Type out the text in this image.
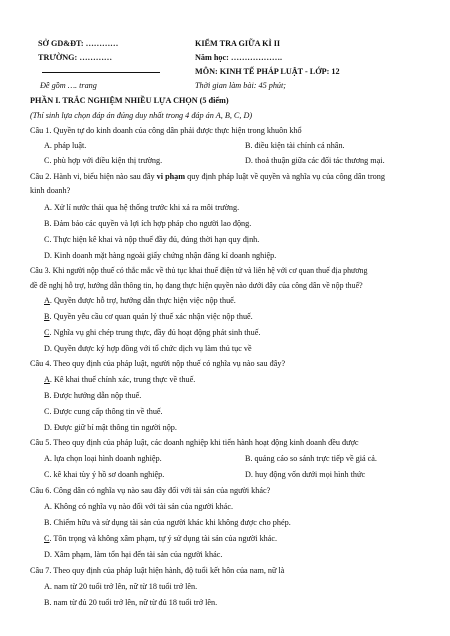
SỞ GD&ĐT: …………
TRƯỜNG: …………
Đề gồm …. trang
KIỂM TRA GIỮA KÌ II
Năm học: ……………….
MÔN: KINH TẾ PHÁP LUẬT - LỚP: 12
Thời gian làm bài: 45 phút;
PHẦN I. TRẮC NGHIỆM NHIỀU LỰA CHỌN (5 điểm)
(Thí sinh lựa chọn đáp án đúng duy nhất trong 4 đáp án A, B, C, D)
Câu 1. Quyền tự do kinh doanh của công dân phải được thực hiện trong khuôn khổ
A. pháp luật.	B. điều kiện tài chính cá nhân.
C. phù hợp với điều kiện thị trường.	D. thoả thuận giữa các đối tác thương mại.
Câu 2. Hành vi, biểu hiện nào sau đây vi phạm quy định pháp luật về quyền và nghĩa vụ của công dân trong
kinh doanh?
A. Xử lí nước thải qua hệ thống trước khi xả ra môi trường.
B. Đảm bảo các quyền và lợi ích hợp pháp cho người lao động.
C. Thực hiện kê khai và nộp thuế đầy đủ, đúng thời hạn quy định.
D. Kinh doanh mặt hàng ngoài giấy chứng nhận đăng kí doanh nghiệp.
Câu 3. Khi người nộp thuế có thắc mắc về thủ tục khai thuế điện tử và liên hệ với cơ quan thuế địa phương
đề đề nghị hỗ trợ, hướng dẫn thông tin, họ đang thực hiện quyền nào dưới đây của công dân về nộp thuế?
A. Quyền được hỗ trợ, hướng dẫn thực hiện việc nộp thuế.
B. Quyền yêu cầu cơ quan quản lý thuế xác nhận việc nộp thuế.
C. Nghĩa vụ ghi chép trung thực, đầy đủ hoạt động phát sinh thuế.
D. Quyền được ký hợp đồng với tổ chức dịch vụ làm thủ tục về
Câu 4. Theo quy định của pháp luật, người nộp thuế có nghĩa vụ nào sau đây?
A. Kê khai thuế chính xác, trung thực về thuế.
B. Được hướng dẫn nộp thuế.
C. Được cung cấp thông tin về thuế.
D. Được giữ bí mật thông tin người nộp.
Câu 5. Theo quy định của pháp luật, các doanh nghiệp khi tiến hành hoạt động kinh doanh đều được
A. lựa chọn loại hình doanh nghiệp.	B. quảng cáo so sánh trực tiếp về giá cả.
C. kê khai tùy ý hồ sơ doanh nghiệp.	D. huy động vốn dưới mọi hình thức
Câu 6. Công dân có nghĩa vụ nào sau đây đối với tài sản của người khác?
A. Không có nghĩa vụ nào đối với tài sản của người khác.
B. Chiếm hữu và sử dụng tài sản của người khác khi không được cho phép.
C. Tôn trọng và không xâm phạm, tự ý sử dụng tài sản của người khác.
D. Xâm phạm, làm tổn hại đến tài sản của người khác.
Câu 7. Theo quy định của pháp luật hiện hành, độ tuổi kết hôn của nam, nữ là
A. nam từ 20 tuổi trở lên, nữ từ 18 tuổi trở lên.
B. nam từ đủ 20 tuổi trở lên, nữ từ đủ 18 tuổi trở lên.
